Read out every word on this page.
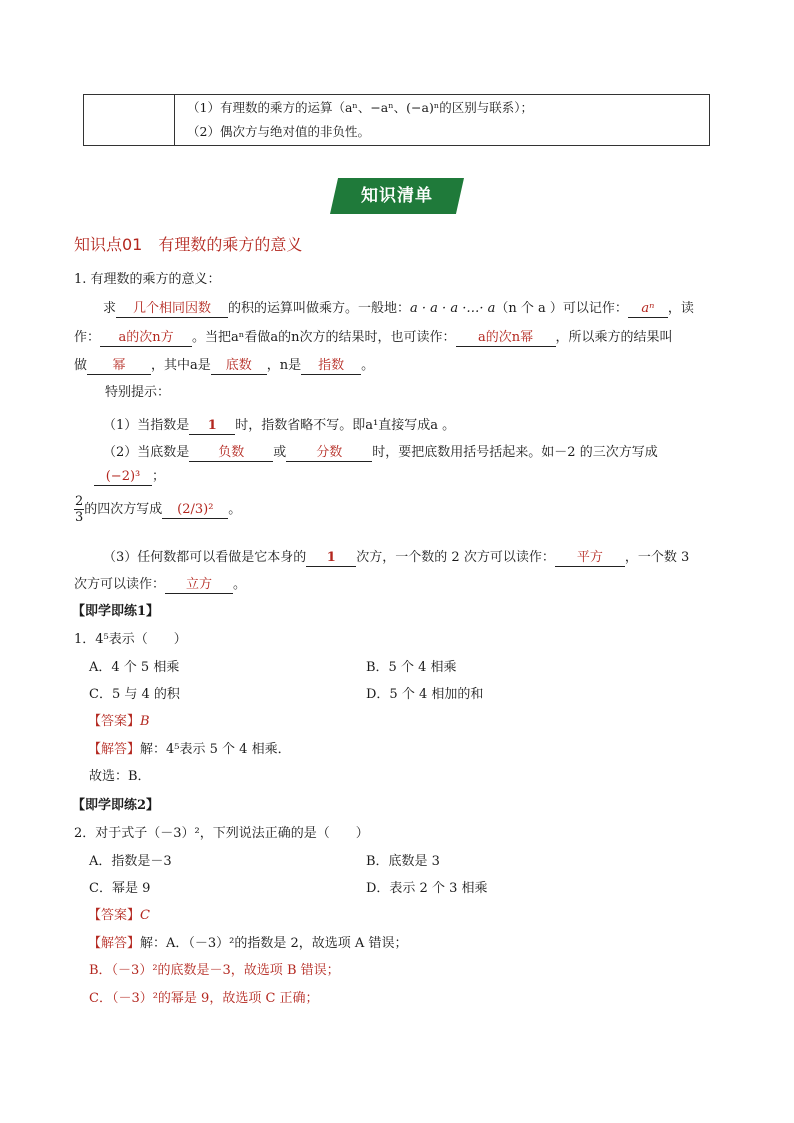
（1）有理数的乘方的运算（aⁿ、−aⁿ、(−a)ⁿ的区别与联系）；
（2）偶次方与绝对值的非负性。
知识清单
知识点01　有理数的乘方的意义
1. 有理数的乘方的意义：
求 几个相同因数 的积的运算叫做乘方。一般地：a · a · a ·…· a（n 个 a ）可以记作： aⁿ ，读
作： a的次n方 。当把aⁿ看做a的n次方的结果时，也可读作： a的次n幂 ，所以乘方的结果叫
做 幂 ，其中a是 底数 ，n是 指数 。
特别提示：
（1）当指数是 1 时，指数省略不写。即a¹直接写成a 。
（2）当底数是 负数 或 分数 时，要把底数用括号括起来。如－2 的三次方写成
(−2)³ ；
$\frac{2}{3}$ 的四次方写成 (2/3)² 。
（3）任何数都可以看做是它本身的 1 次方，一个数的 2 次方可以读作： 平方 ，一个数 3
次方可以读作： 立方 。
【即学即练1】
1．4⁵表示（　　）
A．4 个 5 相乘	B．5 个 4 相乘
C．5 与 4 的积	D．5 个 4 相加的和
【答案】B
【解答】解：4⁵表示 5 个 4 相乘．
故选：B．
【即学即练2】
2．对于式子（－3）²，下列说法正确的是（　　）
A．指数是－3	B．底数是 3
C．幂是 9	D．表示 2 个 3 相乘
【答案】C
【解答】解：A．（－3）²的指数是 2，故选项 A 错误；
B．（－3）²的底数是－3，故选项 B 错误；
C．（－3）²的幂是 9，故选项 C 正确；
